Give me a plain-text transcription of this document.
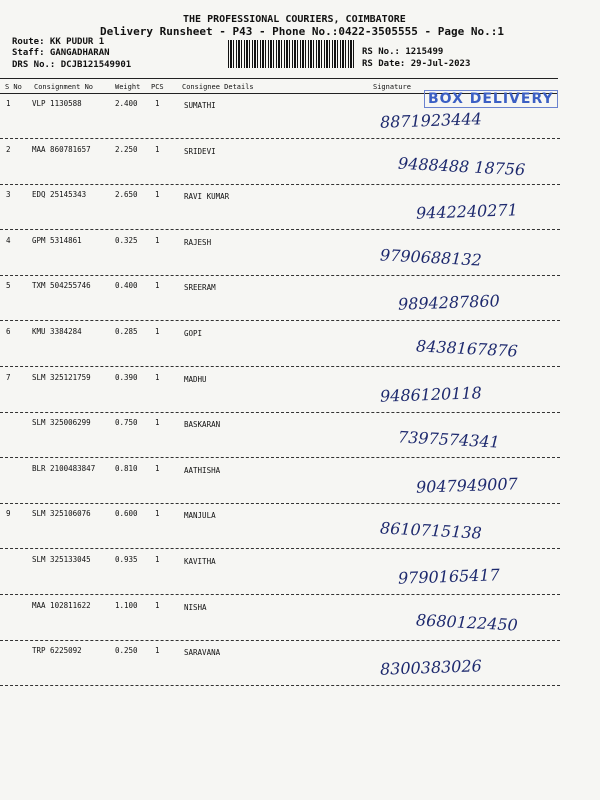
THE PROFESSIONAL COURIERS, COIMBATORE
Delivery Runsheet - P43 - Phone No.:0422-3505555 - Page No.:1
Route: KK PUDUR 1
Staff: GANGADHARAN
DRS No.: DCJB121549901
RS No.: 1215499
RS Date: 29-Jul-2023
S No Consignment No	Weight PCS	Consignee Details	Signature
BOX DELIVERY
1	VLP 1130588	2.400 1	SUMATHI
8871923444
2	MAA 860781657	2.250 1	SRIDEVI
9488488 18756
3	EDQ 25145343	2.650 1	RAVI KUMAR
9442240271
4	GPM 5314861	0.325 1	RAJESH
9790688132
5	TXM 504255746	0.400 1	SREERAM
9894287860
6	KMU 3384284	0.285 1	GOPI
8438167876
7	SLM 325121759	0.390 1	MADHU
9486120118
SLM 325006299	0.750 1	BASKARAN
7397574341
BLR 2100483847	0.810 1	AATHISHA
9047949007
9	SLM 325106076	0.600 1	MANJULA
8610715138
SLM 325133045	0.935 1	KAVITHA
9790165417
MAA 102811622	1.100 1	NISHA
8680122450
TRP 6225092	0.250 1	SARAVANA
8300383026
